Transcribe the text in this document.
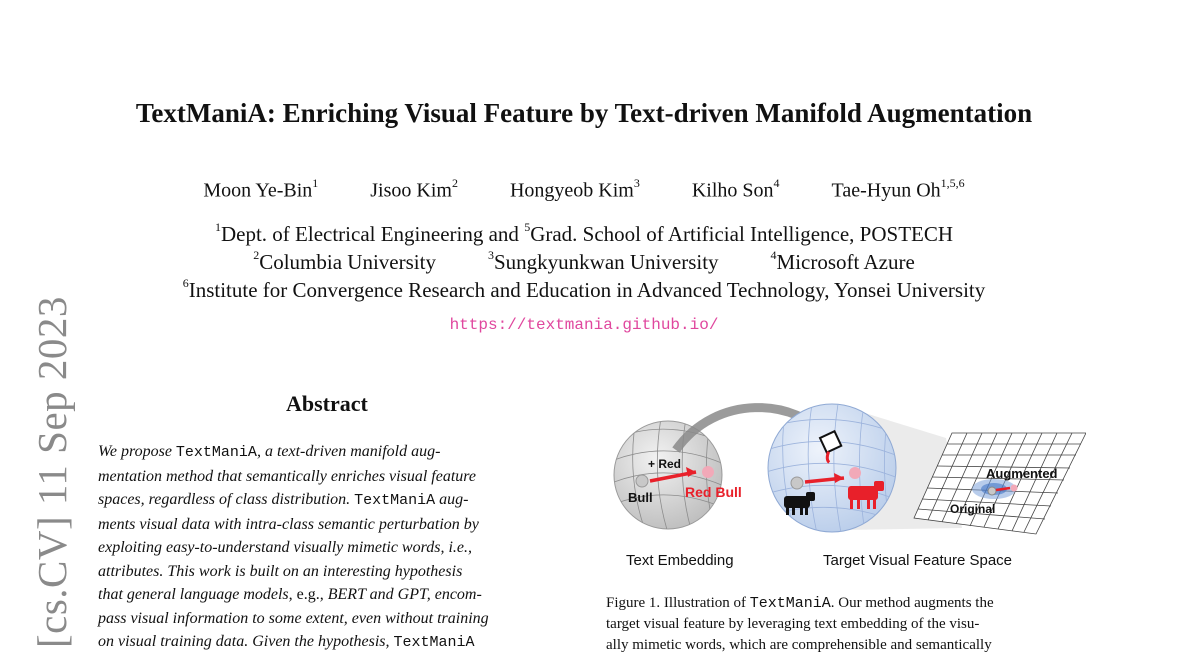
[cs.CV] 11 Sep 2023
TextManiA: Enriching Visual Feature by Text-driven Manifold Augmentation
Moon Ye-Bin$^1$	Jisoo Kim$^2$	Hongyeob Kim$^3$	Kilho Son$^4$	Tae-Hyun Oh$^{1,5,6}$
$^1$Dept. of Electrical Engineering and $^5$Grad. School of Artificial Intelligence, POSTECH
$^2$Columbia University	$^3$Sungkyunkwan University	$^4$Microsoft Azure
$^6$Institute for Convergence Research and Education in Advanced Technology, Yonsei University
https://textmania.github.io/
Abstract
We propose TextManiA, a text-driven manifold aug-
mentation method that semantically enriches visual feature
spaces, regardless of class distribution. TextManiA aug-
ments visual data with intra-class semantic perturbation by
exploiting easy-to-understand visually mimetic words, i.e.,
attributes. This work is built on an interesting hypothesis
that general language models, e.g., BERT and GPT, encom-
pass visual information to some extent, even without training
on visual training data. Given the hypothesis, TextManiA
+ Red
Bull Red Bull
Augmented
Original
Text Embedding	Target Visual Feature Space
Figure 1. Illustration of TextManiA. Our method augments the
target visual feature by leveraging text embedding of the visu-
ally mimetic words, which are comprehensible and semantically
